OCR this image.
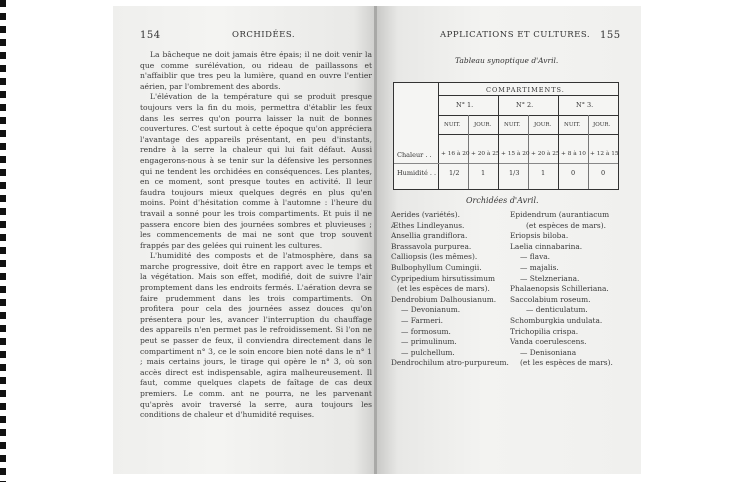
154	ORCHIDÉES.

La bâcheque ne doit jamais être épais; il ne doit venir la que comme surélévation, ou rideau de paillassons et n'affaiblir que tres peu la lumière, quand en ouvre l'entier aérien, par l'ombrement des abords.

L'élévation de la température qui se produit presque toujours vers la fin du mois, permettra d'établir les feux dans les serres qu'on pourra laisser la nuit de bonnes couvertures. C'est surtout à cette époque qu'on appréciera l'avantage des appareils présentant, en peu d'instants, rendre à la serre la chaleur qui lui fait défaut. Aussi engagerons-nous à se tenir sur la défensive les personnes qui ne tendent les orchidées en conséquences. Les plantes, en ce moment, sont presque toutes en activité. Il leur faudra toujours mieux quelques degrés en plus qu'en moins. Point d'hésitation comme à l'automne : l'heure du travail a sonné pour les trois compartiments. Et puis il ne passera encore bien des journées sombres et pluvieuses ; les commencements de mai ne sont que trop souvent frappés par des gelées qui ruinent les cultures.

L'humidité des composts et de l'atmosphère, dans sa marche progressive, doit être en rapport avec le temps et la végétation. Mais son effet, modifié, doit de suivre l'air promptement dans les endroits fermés. L'aération devra se faire prudemment dans les trois compartiments. On profitera pour cela des journées assez douces qu'on présentera pour les, avancer l'interruption du chauffage des appareils n'en permet pas le refroidissement. Si l'on ne peut se passer de feux, il conviendra directement dans le compartiment n° 3, ce le soin encore bien noté dans le n° 1 ; mais certains jours, le tirage qui opère le n° 3, où son accès direct est indispensable, agira malheureusement. Il faut, comme quelques clapets de faîtage de cas deux premiers. Le comm. ant ne pourra, ne les parvenant qu'après avoir traversé la serre, aura toujours les conditions de chaleur et d'humidité requises.

APPLICATIONS ET CULTURES. 155
Tableau synoptique d'Avril.
COMPARTIMENTS.
N° 1.	N° 2.	N° 3.
NUIT.	JOUR. NUIT.	JOUR. NUIT. JOUR.
Chaleur . . + 16 à 20 + 20 à 25 + 15 à 20 + 20 à 25 + 8 à 10 + 12 à 15
Humidité . . 1/2	1	1/3	1	0	0
Orchidées d'Avril.
Aerides (variétés).
Æthes Lindleyanus.
Ansellia grandiflora.
Brassavola purpurea.
Calliopsis (les mêmes).
Bulbophyllum Cumingii.
Cypripedium hirsutissimum
(et les espèces de mars).
Dendrobium Dalhousianum.
— Devonianum.
— Farmeri.
— formosum.
— primulinum.
— pulchellum.
Dendrochilum atro-purpureum.
Epidendrum (aurantiacum
(et espèces de mars).
Eriopsis biloba.
Laelia cinnabarina.
— flava.
— majalis.
— Stelzneriana.
Phalaenopsis Schilleriana.
Saccolabium roseum.
— denticulatum.
Schomburgkia undulata.
Trichopilia crispa.
Vanda coerulescens.
— Denisoniana
(et les espèces de mars).
